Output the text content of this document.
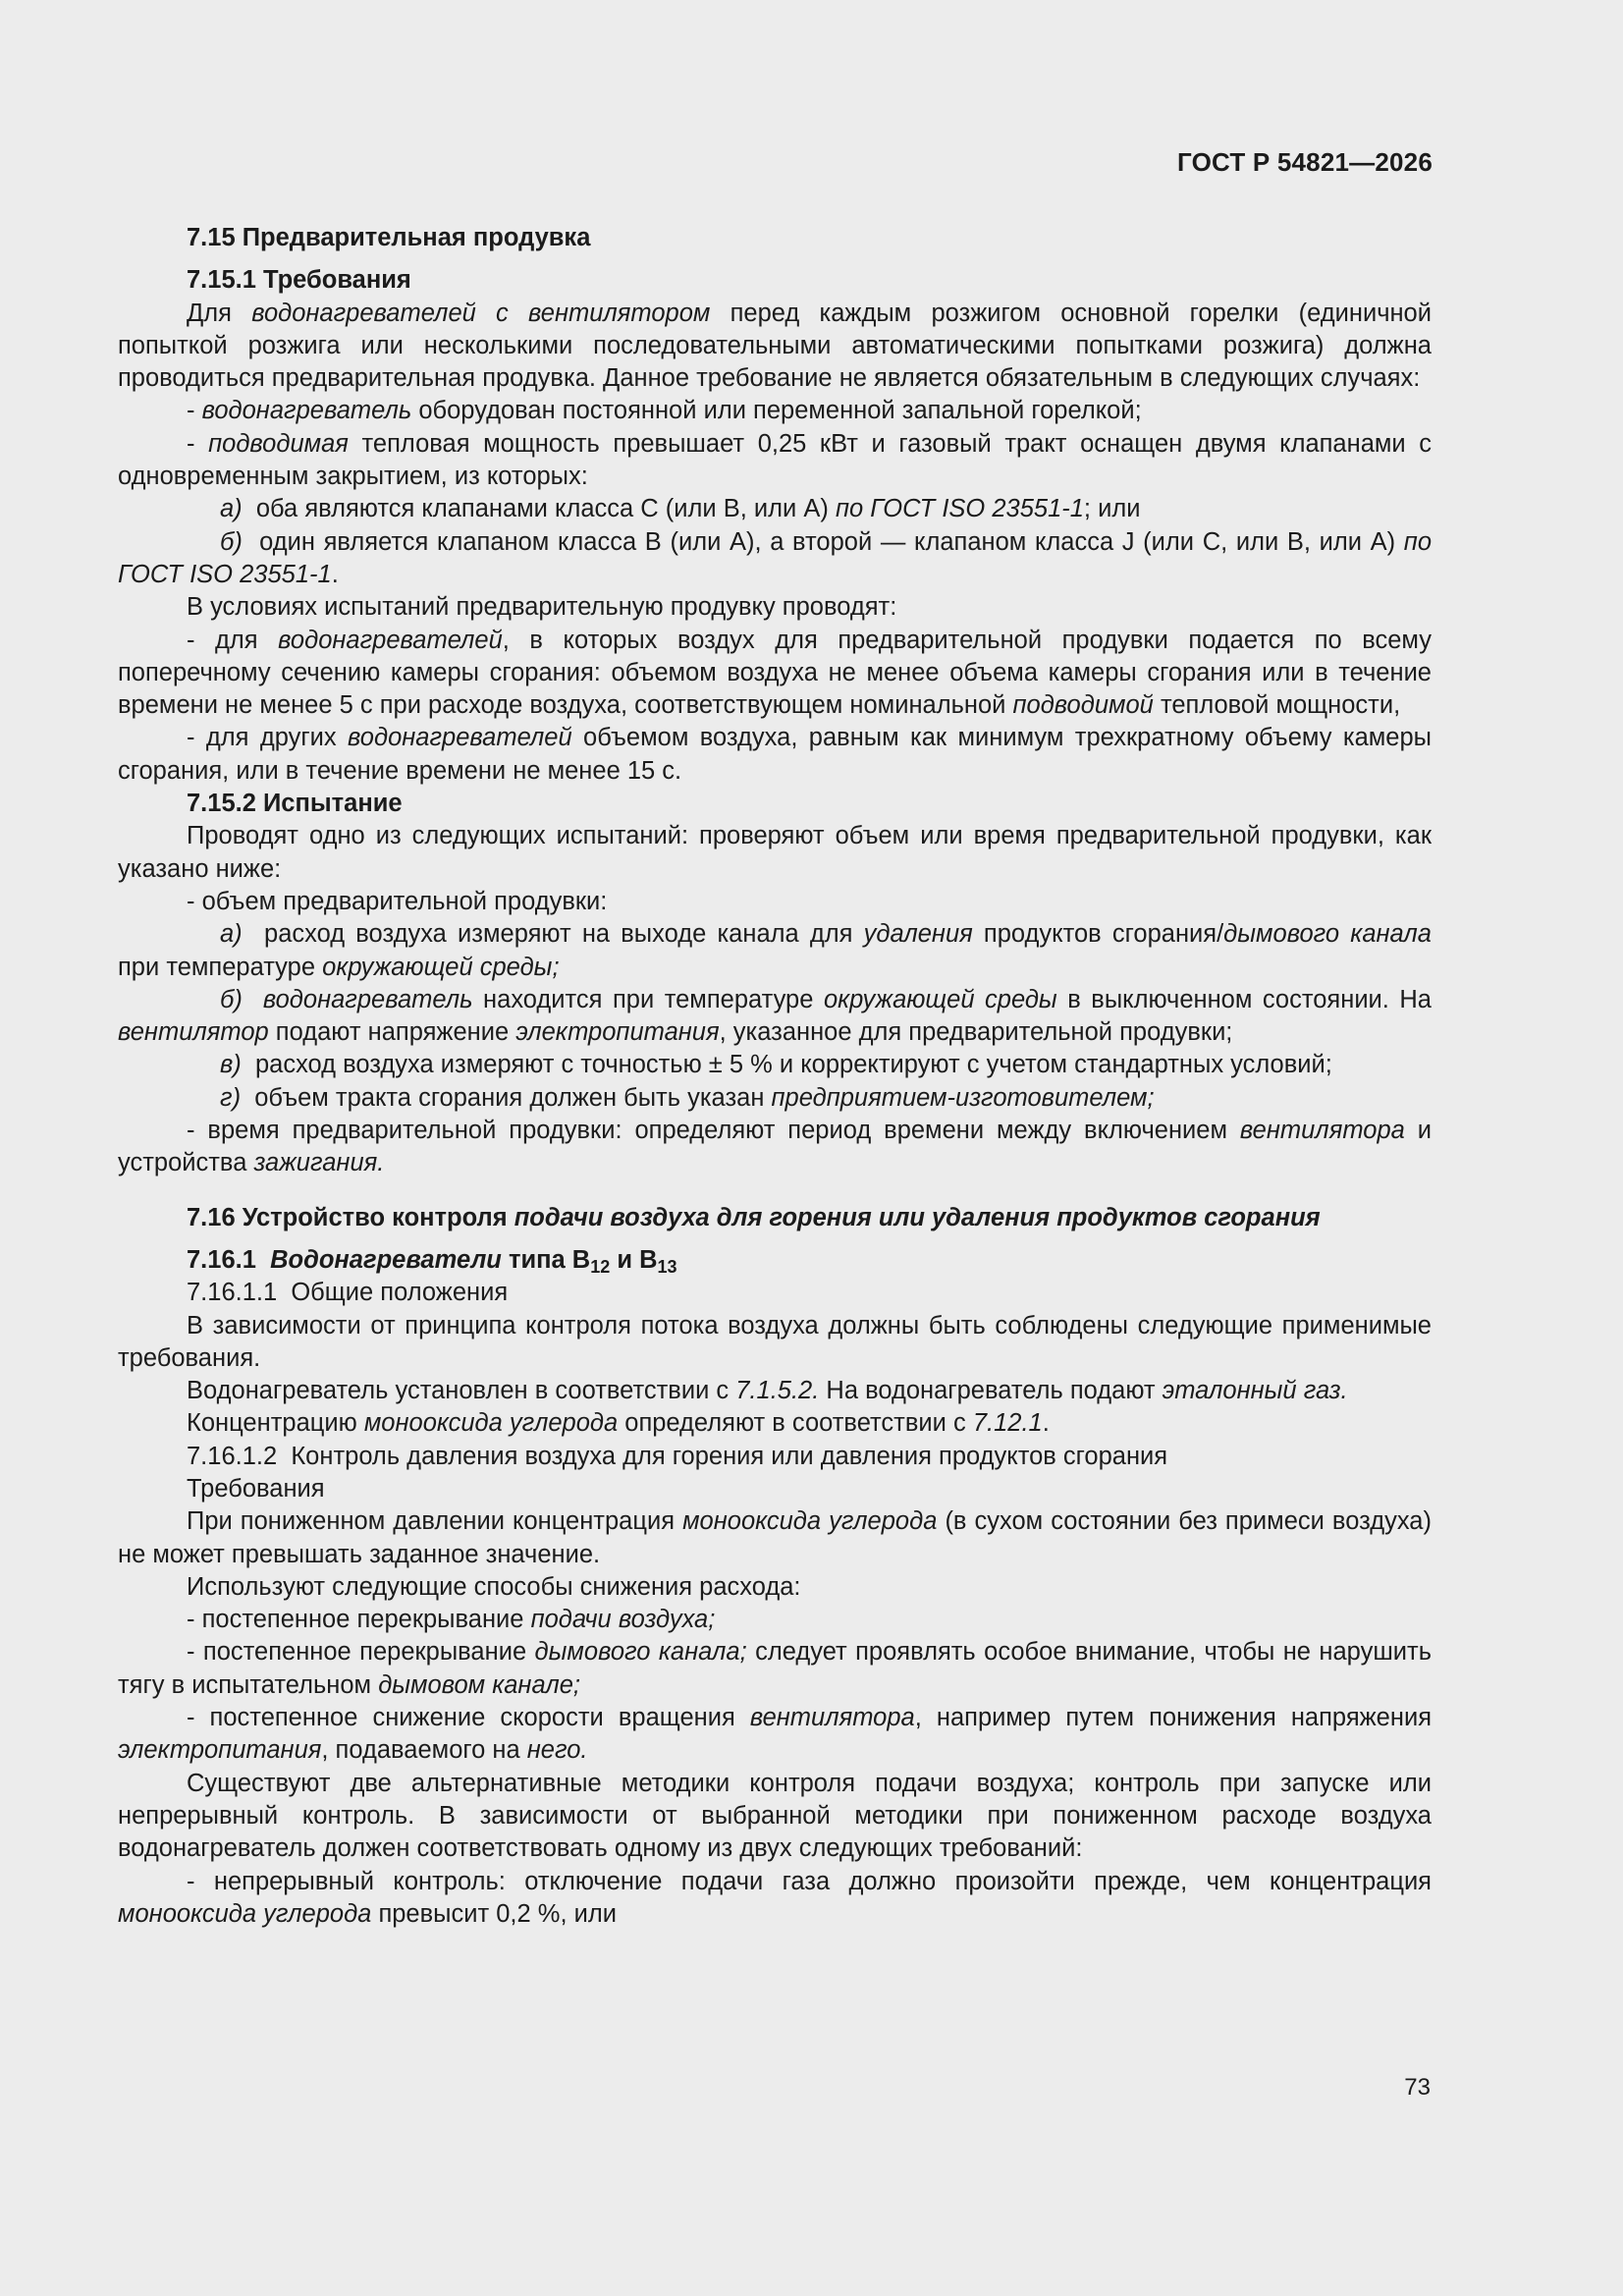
ГОСТ Р 54821—2026

7.15 Предварительная продувка

7.15.1 Требования

Для водонагревателей с вентилятором перед каждым розжигом основной горелки (единичной попыткой розжига или несколькими последовательными автоматическими попытками розжига) должна проводиться предварительная продувка. Данное требование не является обязательным в следующих случаях:

- водонагреватель оборудован постоянной или переменной запальной горелкой;

- подводимая тепловая мощность превышает 0,25 кВт и газовый тракт оснащен двумя клапанами с одновременным закрытием, из которых:

а)  оба являются клапанами класса С (или В, или А) по ГОСТ ISO 23551-1; или

б)  один является клапаном класса В (или А), а второй — клапаном класса J (или С, или В, или А) по ГОСТ ISO 23551-1.

В условиях испытаний предварительную продувку проводят:

- для водонагревателей, в которых воздух для предварительной продувки подается по всему поперечному сечению камеры сгорания: объемом воздуха не менее объема камеры сгорания или в течение времени не менее 5 с при расходе воздуха, соответствующем номинальной подводимой тепловой мощности,

- для других водонагревателей объемом воздуха, равным как минимум трехкратному объему камеры сгорания, или в течение времени не менее 15 с.

7.15.2 Испытание

Проводят одно из следующих испытаний: проверяют объем или время предварительной продувки, как указано ниже:

- объем предварительной продувки:

а)  расход воздуха измеряют на выходе канала для удаления продуктов сгорания/дымового канала при температуре окружающей среды;

б) водонагреватель находится при температуре окружающей среды в выключенном состоянии. На вентилятор подают напряжение электропитания, указанное для предварительной продувки;

в)  расход воздуха измеряют с точностью ± 5 % и корректируют с учетом стандартных условий;

г)  объем тракта сгорания должен быть указан предприятием-изготовителем;

- время предварительной продувки: определяют период времени между включением вентилятора и устройства зажигания.

7.16 Устройство контроля подачи воздуха для горения или удаления продуктов сгорания

7.16.1  Водонагреватели типа $В_{12}$ и $В_{13}$

7.16.1.1  Общие положения

В зависимости от принципа контроля потока воздуха должны быть соблюдены следующие применимые требования.

Водонагреватель установлен в соответствии с 7.1.5.2. На водонагреватель подают эталонный газ.

Концентрацию монооксида углерода определяют в соответствии с 7.12.1.

7.16.1.2  Контроль давления воздуха для горения или давления продуктов сгорания

Требования

При пониженном давлении концентрация монооксида углерода (в сухом состоянии без примеси воздуха) не может превышать заданное значение.

Используют следующие способы снижения расхода:

- постепенное перекрывание подачи воздуха;

- постепенное перекрывание дымового канала; следует проявлять особое внимание, чтобы не нарушить тягу в испытательном дымовом канале;

- постепенное снижение скорости вращения вентилятора, например путем понижения напряжения электропитания, подаваемого на него.

Существуют две альтернативные методики контроля подачи воздуха; контроль при запуске или непрерывный контроль. В зависимости от выбранной методики при пониженном расходе воздуха водонагреватель должен соответствовать одному из двух следующих требований:

- непрерывный контроль: отключение подачи газа должно произойти прежде, чем концентрация монооксида углерода превысит 0,2 %, или

73
